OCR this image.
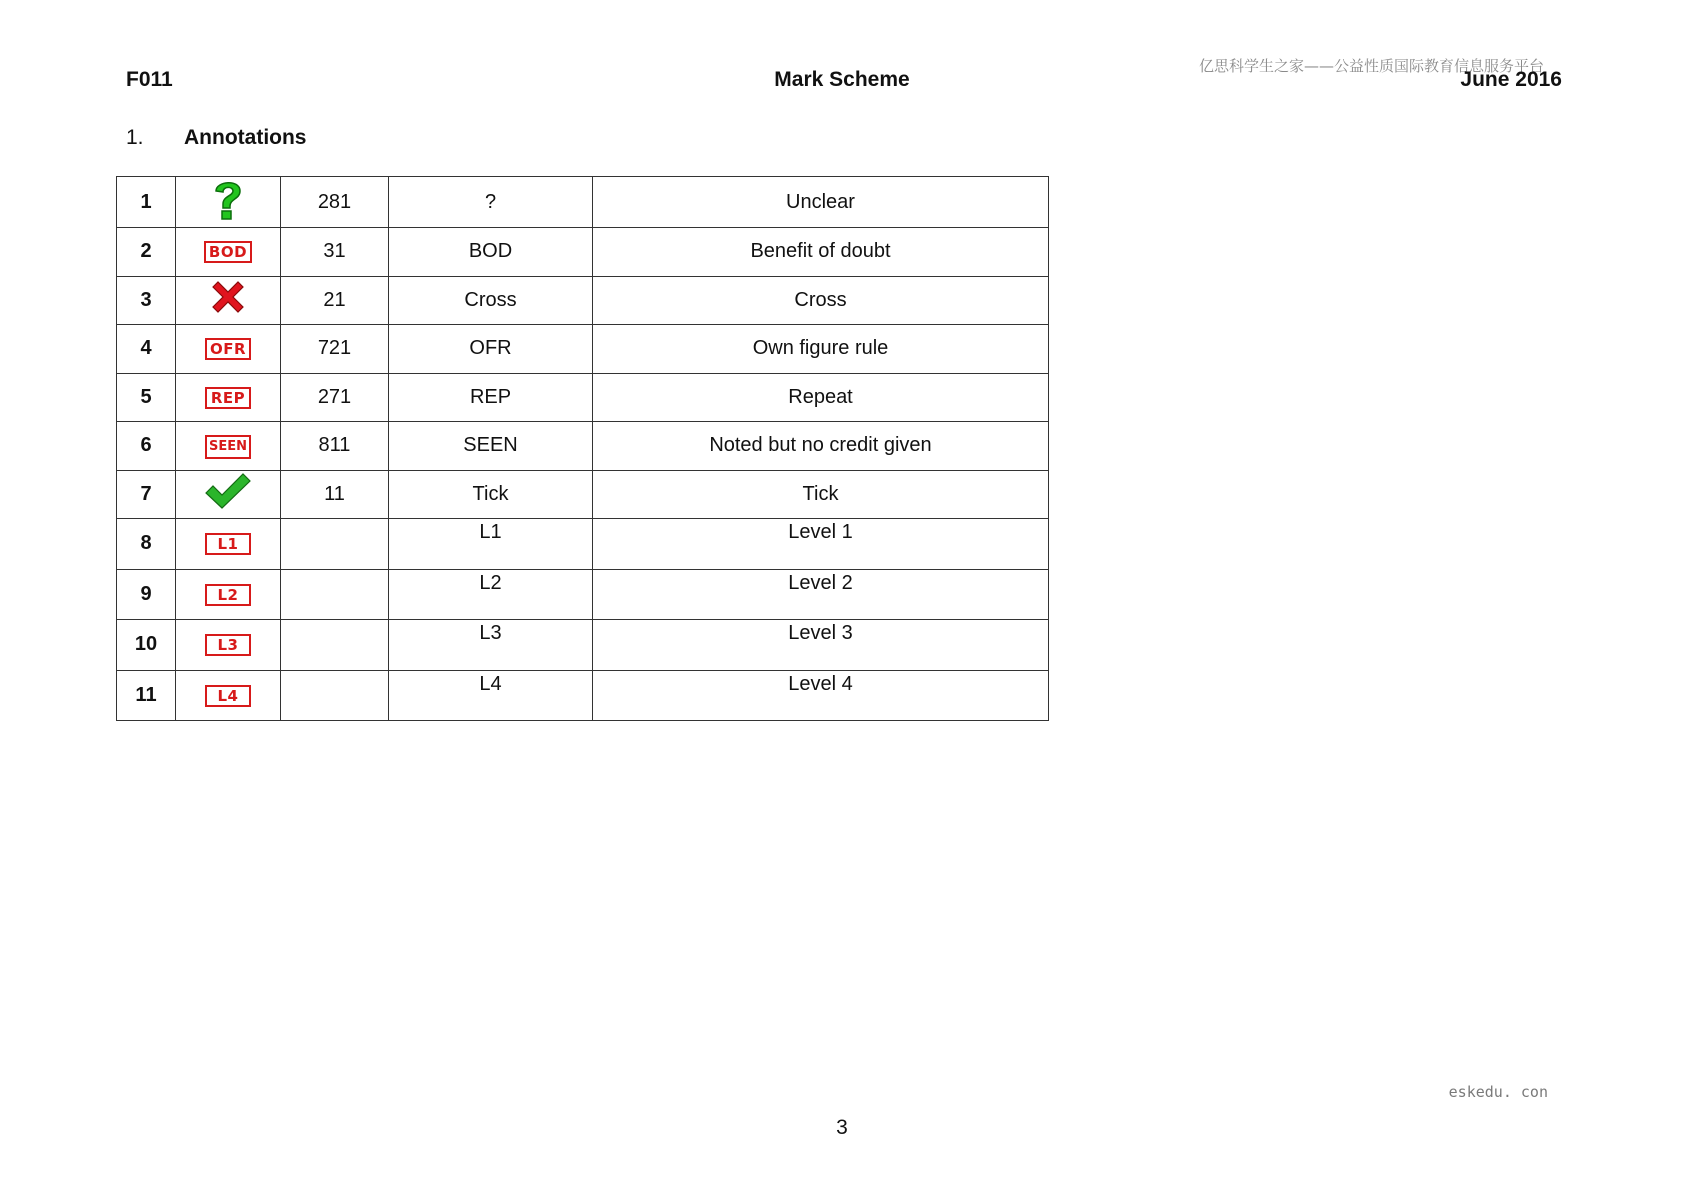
F011	Mark Scheme
亿思科学生之家——公益性质国际教育信息服务平台
June 2016
1. Annotations
1		281	?	Unclear
2	BOD	31	BOD	Benefit of doubt
3		21	Cross	Cross
4	OFR	721	OFR	Own figure rule
5	REP	271	REP	Repeat
6	SEEN	811	SEEN	Noted but no credit given
7		11	Tick	Tick
8	L1		L1	Level 1
9	L2		L2	Level 2
10	L3		L3	Level 3
11	L4		L4	Level 4
eskedu. con
3
